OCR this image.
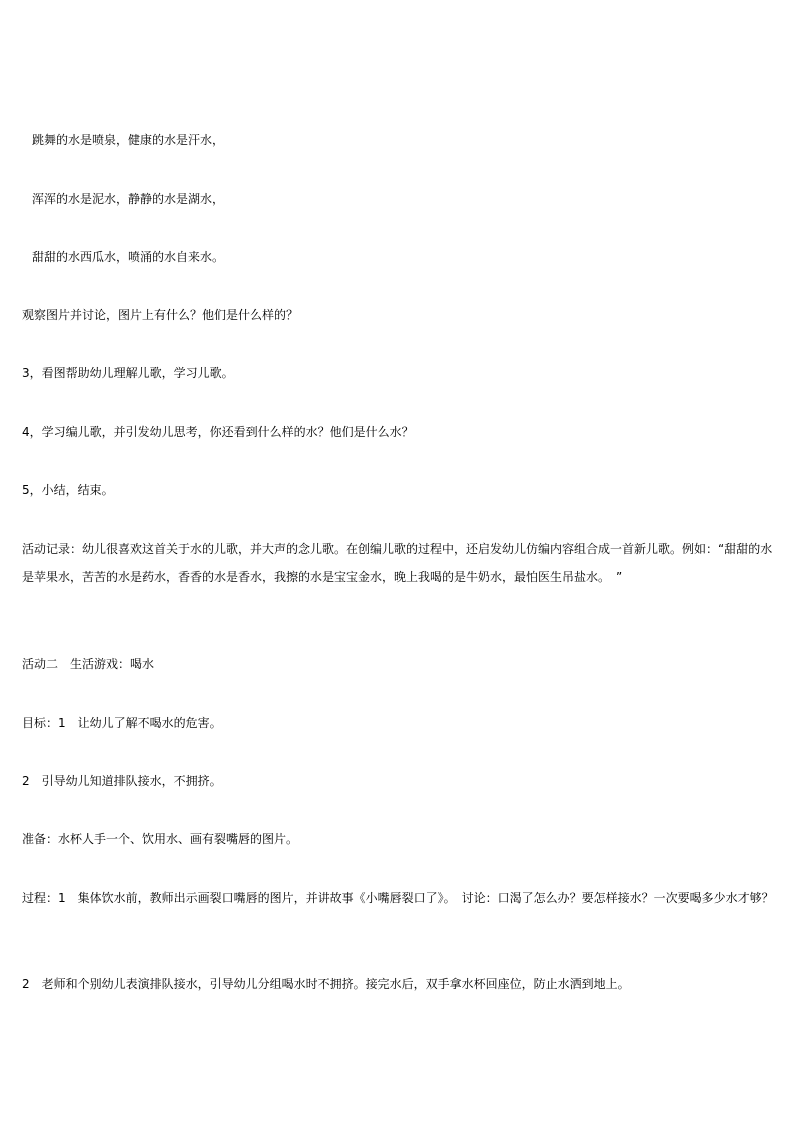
跳舞的水是喷泉，健康的水是汗水，

浑浑的水是泥水，静静的水是湖水，

甜甜的水西瓜水，喷涌的水自来水。

观察图片并讨论，图片上有什么？他们是什么样的？

3，看图帮助幼儿理解儿歌，学习儿歌。

4，学习编儿歌，并引发幼儿思考，你还看到什么样的水？他们是什么水？

5，小结，结束。

活动记录：幼儿很喜欢这首关于水的儿歌，并大声的念儿歌。在创编儿歌的过程中，还启发幼儿仿编内容组合成一首新儿歌。例如：“甜甜的水是苹果水，苦苦的水是药水，香香的水是香水，我擦的水是宝宝金水，晚上我喝的是牛奶水，最怕医生吊盐水。　”

活动二　生活游戏：喝水

目标：1　让幼儿了解不喝水的危害。

2　引导幼儿知道排队接水，不拥挤。

准备：水杯人手一个、饮用水、画有裂嘴唇的图片。

过程：1　集体饮水前，教师出示画裂口嘴唇的图片，并讲故事《小嘴唇裂口了》。　讨论：口渴了怎么办？要怎样接水？一次要喝多少水才够？

2　老师和个别幼儿表演排队接水，引导幼儿分组喝水时不拥挤。接完水后，双手拿水杯回座位，防止水洒到地上。
